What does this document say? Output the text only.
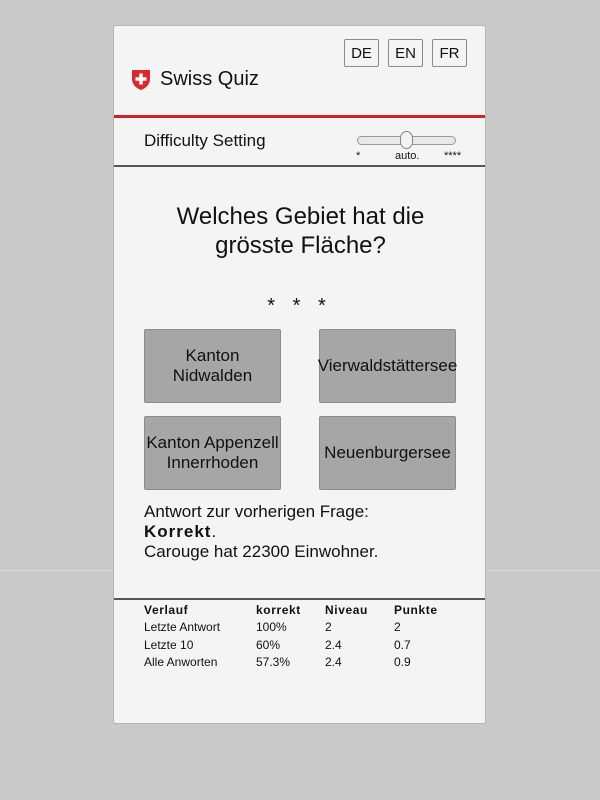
DE	EN	FR
Swiss Quiz
Difficulty Setting
*	auto. ****
Welches Gebiet hat die grösste Fläche?
* * *
Kanton Nidwalden
Vierwaldstättersee
Kanton Appenzell Innerrhoden
Neuenburgersee
Antwort zur vorherigen Frage:
Korrekt.
Carouge hat 22300 Einwohner.
Verlauf	korrekt	Niveau	Punkte
Letzte Antwort	100%	2	2
Letzte 10	60%	2.4	0.7
Alle Anworten	57.3%	2.4	0.9
